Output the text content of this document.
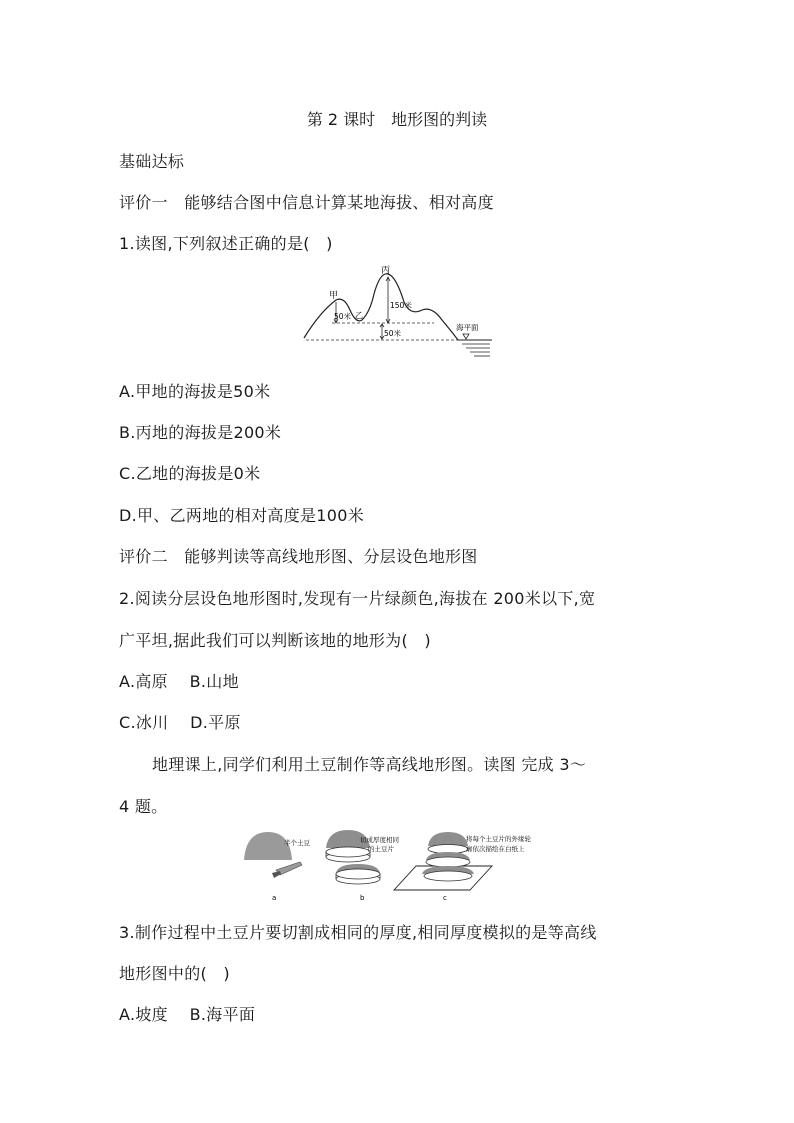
第 2 课时　地形图的判读
基础达标
评价一　能够结合图中信息计算某地海拔、相对高度
1.读图,下列叙述正确的是(　)
甲
乙
丙
50米
150米
50米
海平面
A.甲地的海拔是50米
B.丙地的海拔是200米
C.乙地的海拔是0米
D.甲、乙两地的相对高度是100米
评价二　能够判读等高线地形图、分层设色地形图
2.阅读分层设色地形图时,发现有一片绿颜色,海拔在 200米以下,宽
广平坦,据此我们可以判断该地的地形为(　)
A.高原　 B.山地
C.冰川　 D.平原
地理课上,同学们利用土豆制作等高线地形图。读图 完成 3～
4 题。
半个土豆
a
切成厚度相同
的土豆片
b
将每个土豆片的外缘轮
廓依次描绘在白纸上
c
3.制作过程中土豆片要切割成相同的厚度,相同厚度模拟的是等高线
地形图中的(　)
A.坡度　 B.海平面
